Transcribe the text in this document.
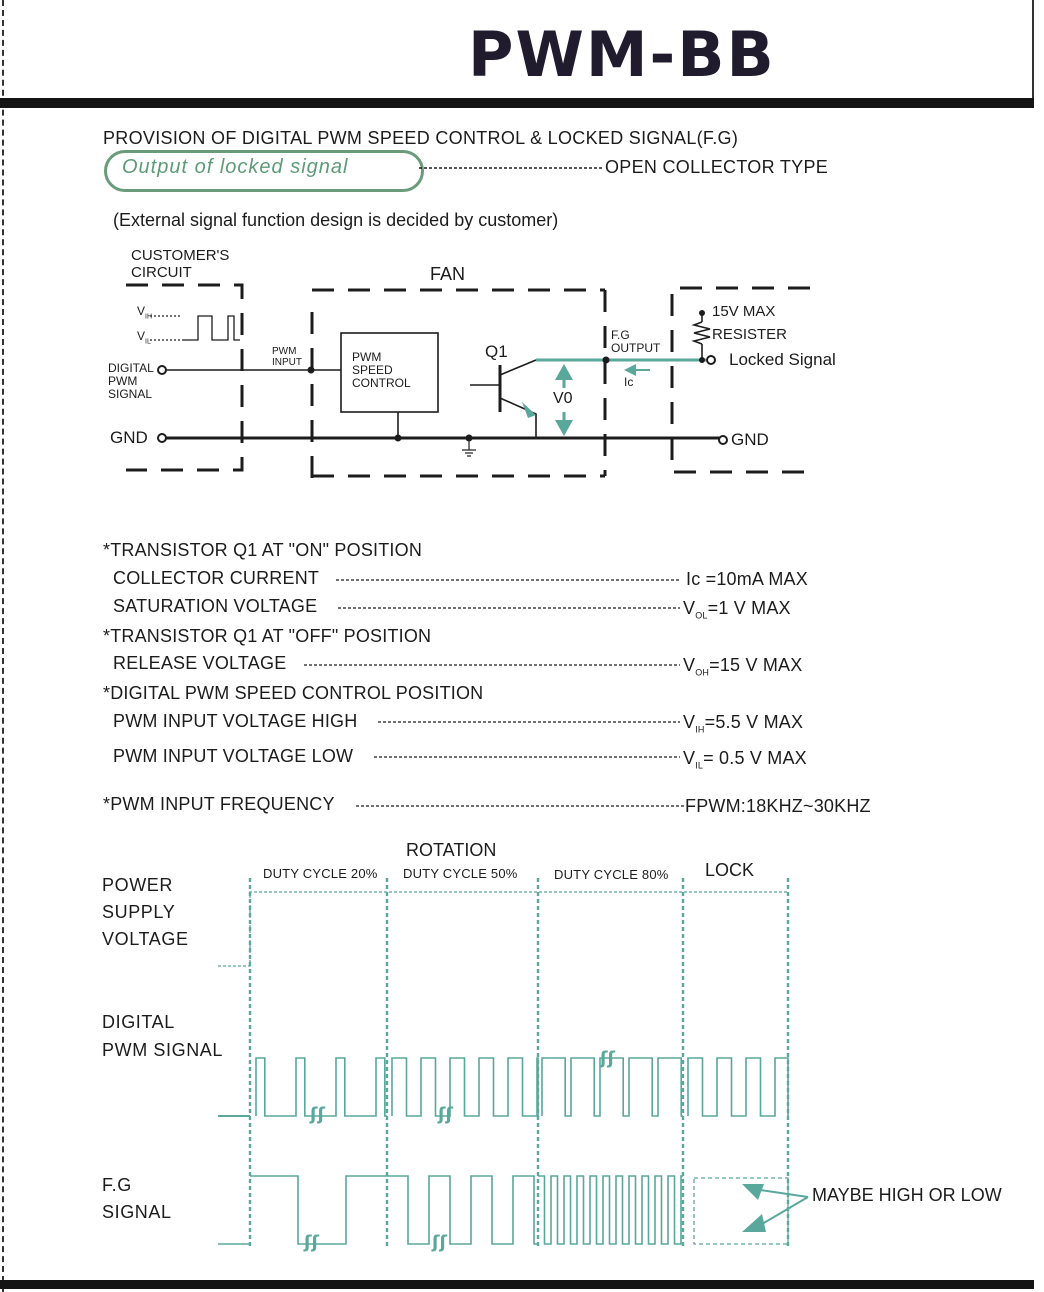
PWM-BB
PROVISION OF DIGITAL PWM SPEED CONTROL & LOCKED SIGNAL(F.G)
Output of locked signal	OPEN COLLECTOR TYPE
(External signal function design is decided by customer)
CUSTOMER'S
CIRCUIT	FAN
$V_{IH}$
$V_{IL}$
DIGITAL
PWM
SIGNAL
PWM
INPUT	PWM
SPEED
CONTROL
Q1
V0
F.G
OUTPUT
Ic
15V MAX
RESISTER
Locked Signal
GND	GND
*TRANSISTOR Q1 AT "ON" POSITION
COLLECTOR CURRENT	Ic =10mA MAX
SATURATION VOLTAGE	$V_{OL}=1$ V MAX
*TRANSISTOR Q1 AT "OFF" POSITION
RELEASE VOLTAGE	$V_{OH}=15$ V MAX
*DIGITAL PWM SPEED CONTROL POSITION
PWM INPUT VOLTAGE HIGH	$V_{IH}=5.5$ V MAX
PWM INPUT VOLTAGE LOW	$V_{IL}= 0.5$ V MAX
*PWM INPUT FREQUENCY	FPWM:18KHZ~30KHZ
ROTATION
LOCK
DUTY CYCLE 20% DUTY CYCLE 50%	DUTY CYCLE 80%
POWER
SUPPLY
VOLTAGE
DIGITAL
PWM SIGNAL
F.G
SIGNAL
MAYBE HIGH OR LOW
ʃʃ	ʃʃ
ʃʃ
ʃʃ	ʃʃ
